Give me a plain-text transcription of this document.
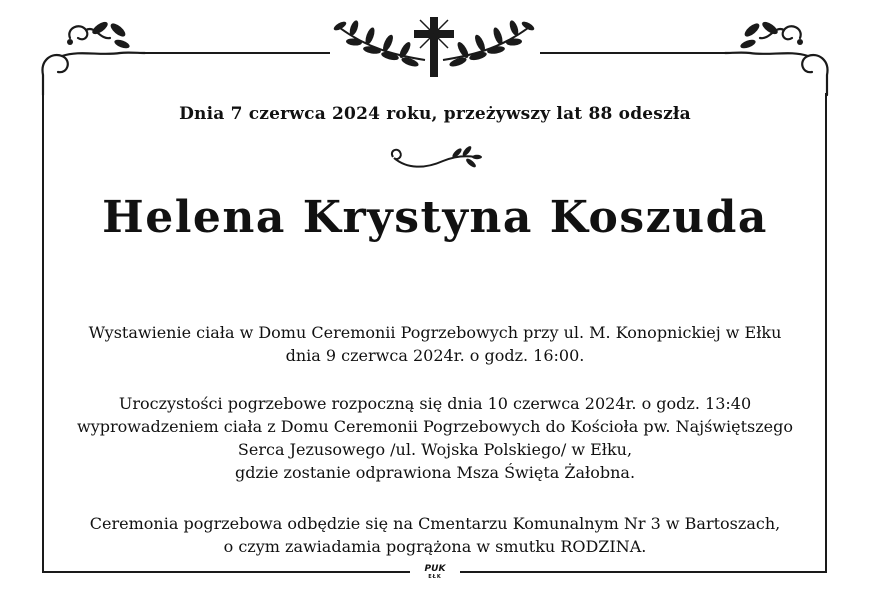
Dnia 7 czerwca 2024 roku, przeżywszy lat 88 odeszła
Helena Krystyna Koszuda
Wystawienie ciała w Domu Ceremonii Pogrzebowych przy ul. M. Konopnickiej w Ełku
dnia 9 czerwca 2024r. o godz. 16:00.
Uroczystości pogrzebowe rozpoczną się dnia 10 czerwca 2024r. o godz. 13:40
wyprowadzeniem ciała z Domu Ceremonii Pogrzebowych do Kościoła pw. Najświętszego
Serca Jezusowego /ul. Wojska Polskiego/ w Ełku,
gdzie zostanie odprawiona Msza Święta Żałobna.
Ceremonia pogrzebowa odbędzie się na Cmentarzu Komunalnym Nr 3 w Bartoszach,
o czym zawiadamia pogrążona w smutku RODZINA.
PUK
EŁK
